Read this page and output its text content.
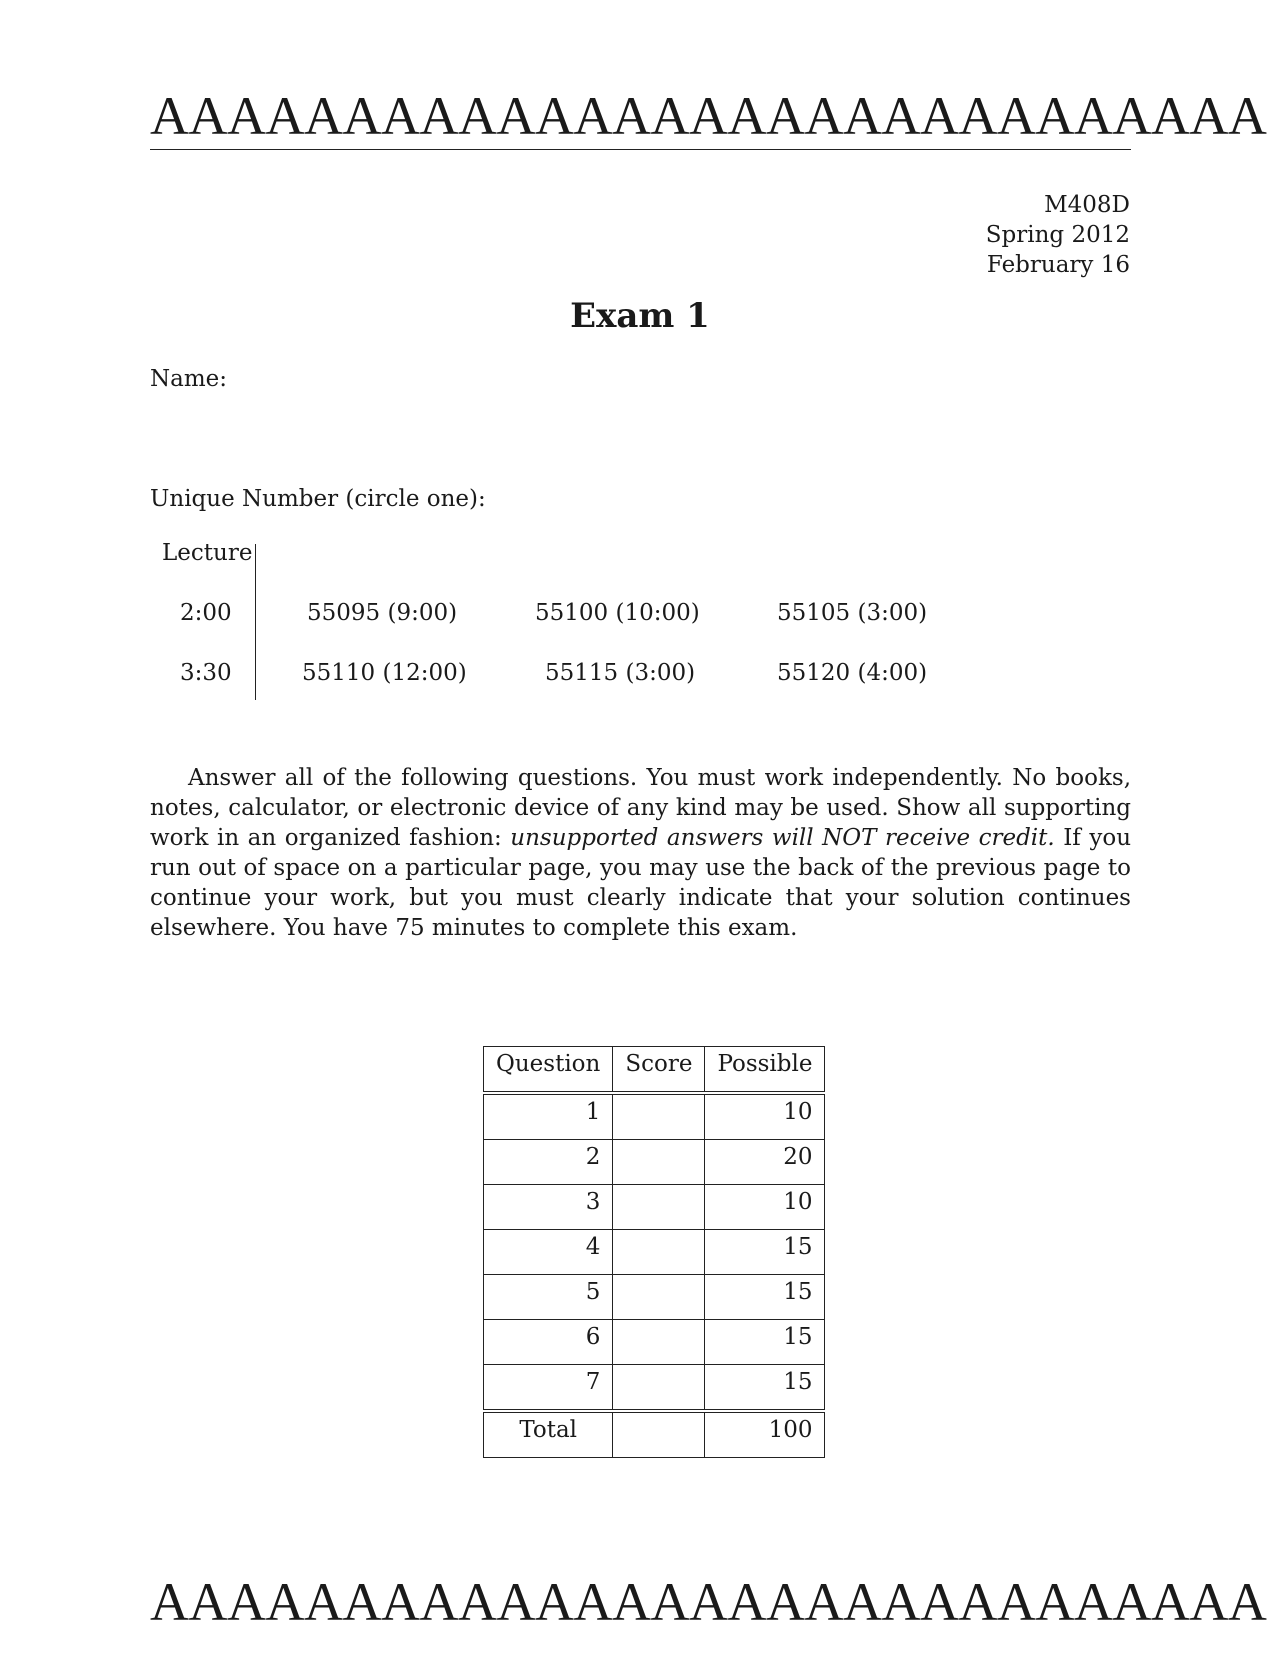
AAAAAAAAAAAAAAAAAAAAAAAAAAAAA
M408D
Spring 2012
February 16
Exam 1
Name:
Unique Number (circle one):
Lecture
2:00	55095 (9:00)	55100 (10:00)	55105 (3:00)
3:30	55110 (12:00)	55115 (3:00)	55120 (4:00)

Answer all of the following questions. You must work independently. No books, notes, calculator, or electronic device of any kind may be used. Show all supporting work in an organized fashion: unsupported answers will NOT receive credit. If you run out of space on a particular page, you may use the back of the previous page to continue your work, but you must clearly indicate that your solution continues elsewhere. You have 75 minutes to complete this exam.

Question	Score	Possible
1		10
2		20
3		10
4		15
5		15
6		15
7		15
Total		100
AAAAAAAAAAAAAAAAAAAAAAAAAAAAA
